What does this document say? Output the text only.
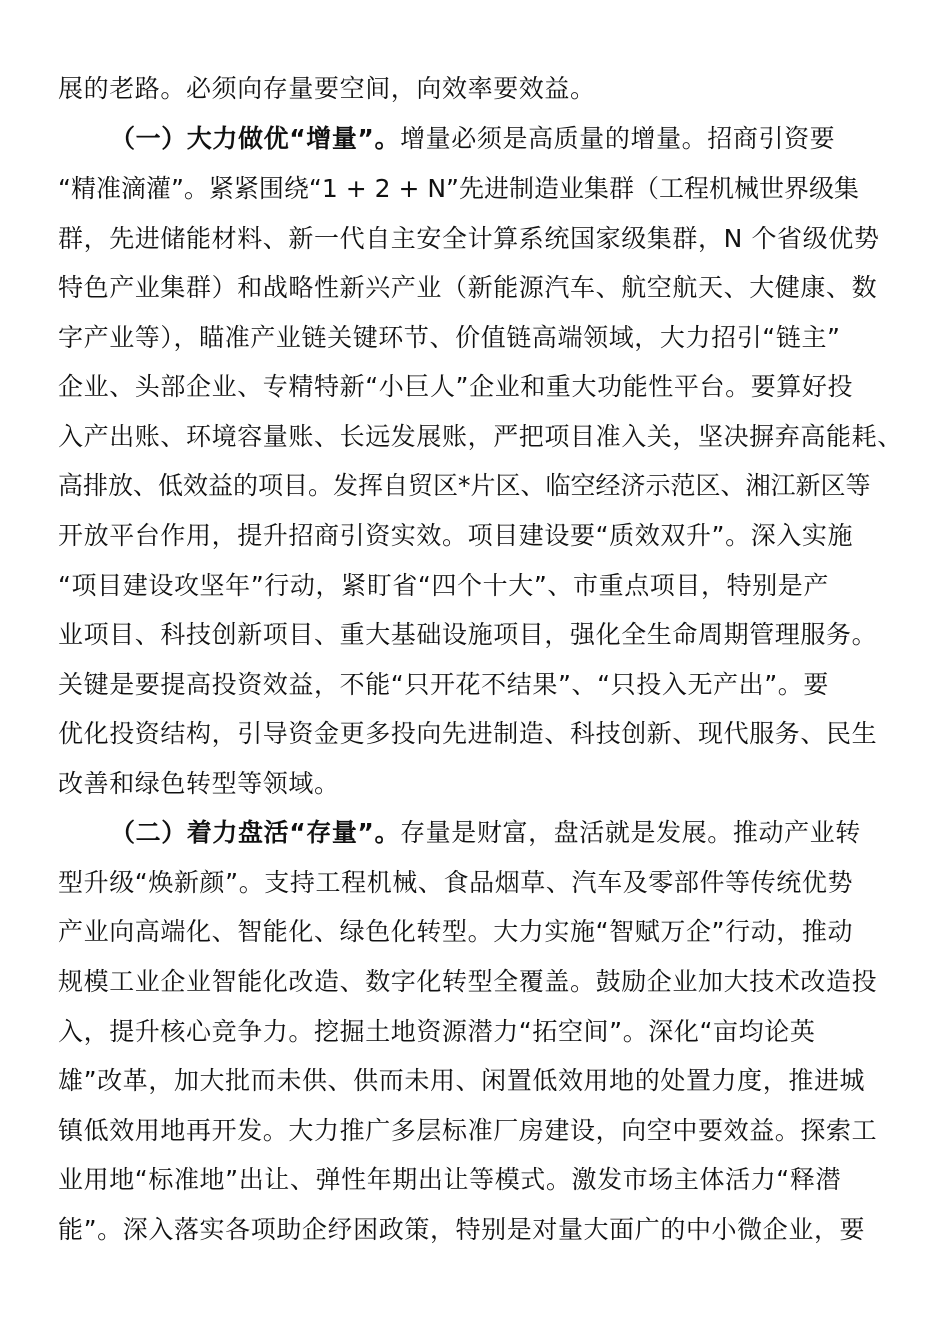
展的老路。必须向存量要空间，向效率要效益。
（一）大力做优“增量”。增量必须是高质量的增量。招商引资要
“精准滴灌”。紧紧围绕“1 + 2 + N”先进制造业集群（工程机械世界级集
群，先进储能材料、新一代自主安全计算系统国家级集群，N 个省级优势
特色产业集群）和战略性新兴产业（新能源汽车、航空航天、大健康、数
字产业等），瞄准产业链关键环节、价值链高端领域，大力招引“链主”
企业、头部企业、专精特新“小巨人”企业和重大功能性平台。要算好投
入产出账、环境容量账、长远发展账，严把项目准入关，坚决摒弃高能耗、
高排放、低效益的项目。发挥自贸区*片区、临空经济示范区、湘江新区等
开放平台作用，提升招商引资实效。项目建设要“质效双升”。深入实施
“项目建设攻坚年”行动，紧盯省“四个十大”、市重点项目，特别是产
业项目、科技创新项目、重大基础设施项目，强化全生命周期管理服务。
关键是要提高投资效益，不能“只开花不结果”、“只投入无产出”。要
优化投资结构，引导资金更多投向先进制造、科技创新、现代服务、民生
改善和绿色转型等领域。
（二）着力盘活“存量”。存量是财富，盘活就是发展。推动产业转
型升级“焕新颜”。支持工程机械、食品烟草、汽车及零部件等传统优势
产业向高端化、智能化、绿色化转型。大力实施“智赋万企”行动，推动
规模工业企业智能化改造、数字化转型全覆盖。鼓励企业加大技术改造投
入，提升核心竞争力。挖掘土地资源潜力“拓空间”。深化“亩均论英
雄”改革，加大批而未供、供而未用、闲置低效用地的处置力度，推进城
镇低效用地再开发。大力推广多层标准厂房建设，向空中要效益。探索工
业用地“标准地”出让、弹性年期出让等模式。激发市场主体活力“释潜
能”。深入落实各项助企纾困政策，特别是对量大面广的中小微企业，要
